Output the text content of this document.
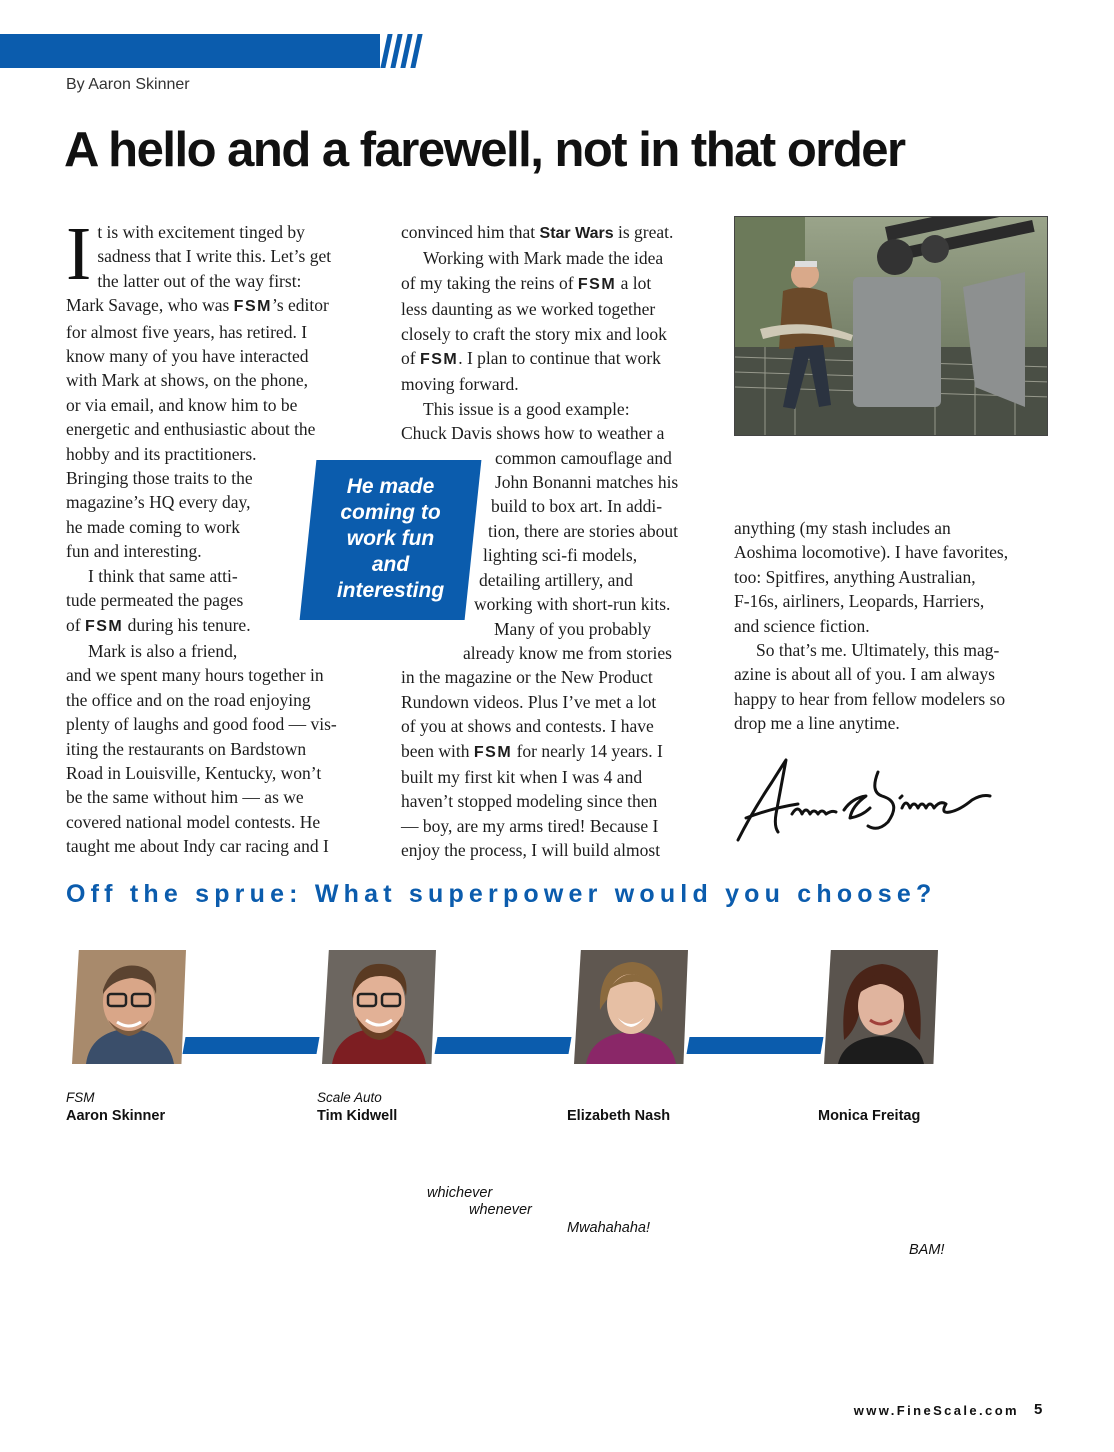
EDITOR’S PAGE
By Aaron Skinner
A hello and a farewell, not in that order
I t is with excitement tinged by
sadness that I write this. Let’s get
the latter out of the way first:
Mark Savage, who was FSM’s editor
for almost five years, has retired. I
know many of you have interacted
with Mark at shows, on the phone,
or via email, and know him to be
energetic and enthusiastic about the
hobby and its practitioners.
Bringing those traits to the
magazine’s HQ every day,
he made coming to work
fun and interesting.
I think that same atti-
tude permeated the pages
of FSM during his tenure.
Mark is also a friend,
and we spent many hours together in
the office and on the road enjoying
plenty of laughs and good food — vis-
iting the restaurants on Bardstown
Road in Louisville, Kentucky, won’t
be the same without him — as we
covered national model contests. He
taught me about Indy car racing and I
convinced him that Star Wars is great.
Working with Mark made the idea
of my taking the reins of FSM a lot
less daunting as we worked together
closely to craft the story mix and look
of FSM. I plan to continue that work
moving forward.
This issue is a good example:
Chuck Davis shows how to weather a
common camouflage and
John Bonanni matches his
build to box art. In addi-
tion, there are stories about
lighting sci-fi models,
detailing artillery, and
working with short-run kits.
Many of you probably
already know me from stories
in the magazine or the New Product
Rundown videos. Plus I’ve met a lot
of you at shows and contests. I have
been with FSM for nearly 14 years. I
built my first kit when I was 4 and
haven’t stopped modeling since then
— boy, are my arms tired! Because I
enjoy the process, I will build almost
He made
coming to
work fun
and
interesting
anything (my stash includes an
Aoshima locomotive). I have favorites,
too: Spitfires, anything Australian,
F-16s, airliners, Leopards, Harriers,
and science fiction.
So that’s me. Ultimately, this mag-
azine is about all of you. I am always
happy to hear from fellow modelers so
drop me a line anytime.
Off the sprue: What superpower would you choose?
FSM
Aaron Skinner
Scale Auto
Tim Kidwell	Elizabeth Nash	Monica Freitag
whichever
whenever
Mwahahaha!
BAM!
www.FineScale.com 5
